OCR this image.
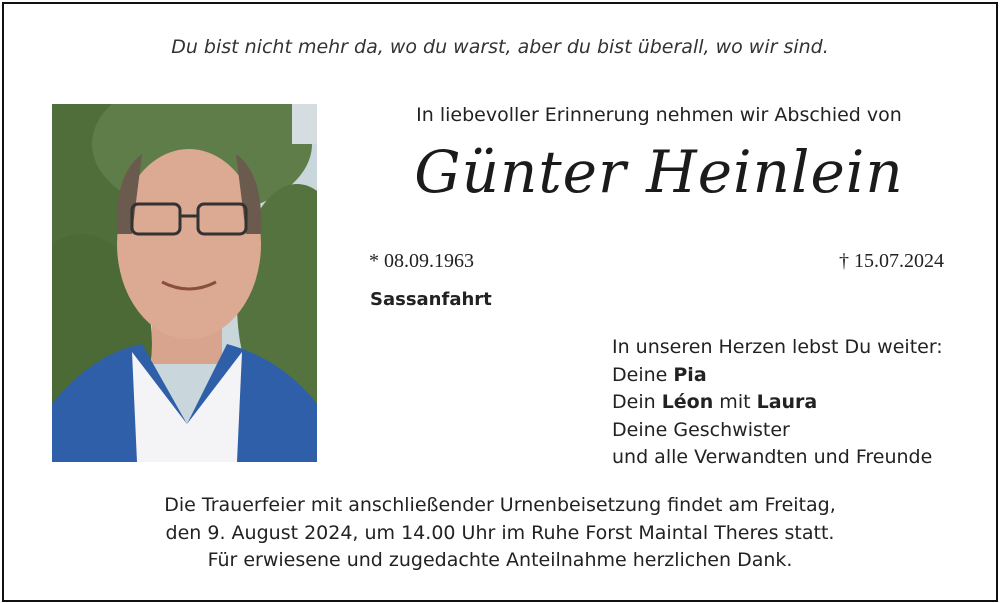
Du bist nicht mehr da, wo du warst, aber du bist überall, wo wir sind.
In liebevoller Erinnerung nehmen wir Abschied von
Günter Heinlein
* 08.09.1963	† 15.07.2024
Sassanfahrt
In unseren Herzen lebst Du weiter:
Deine Pia
Dein Léon mit Laura
Deine Geschwister
und alle Verwandten und Freunde
Die Trauerfeier mit anschließender Urnenbeisetzung findet am Freitag,
den 9. August 2024, um 14.00 Uhr im Ruhe Forst Maintal Theres statt.
Für erwiesene und zugedachte Anteilnahme herzlichen Dank.
